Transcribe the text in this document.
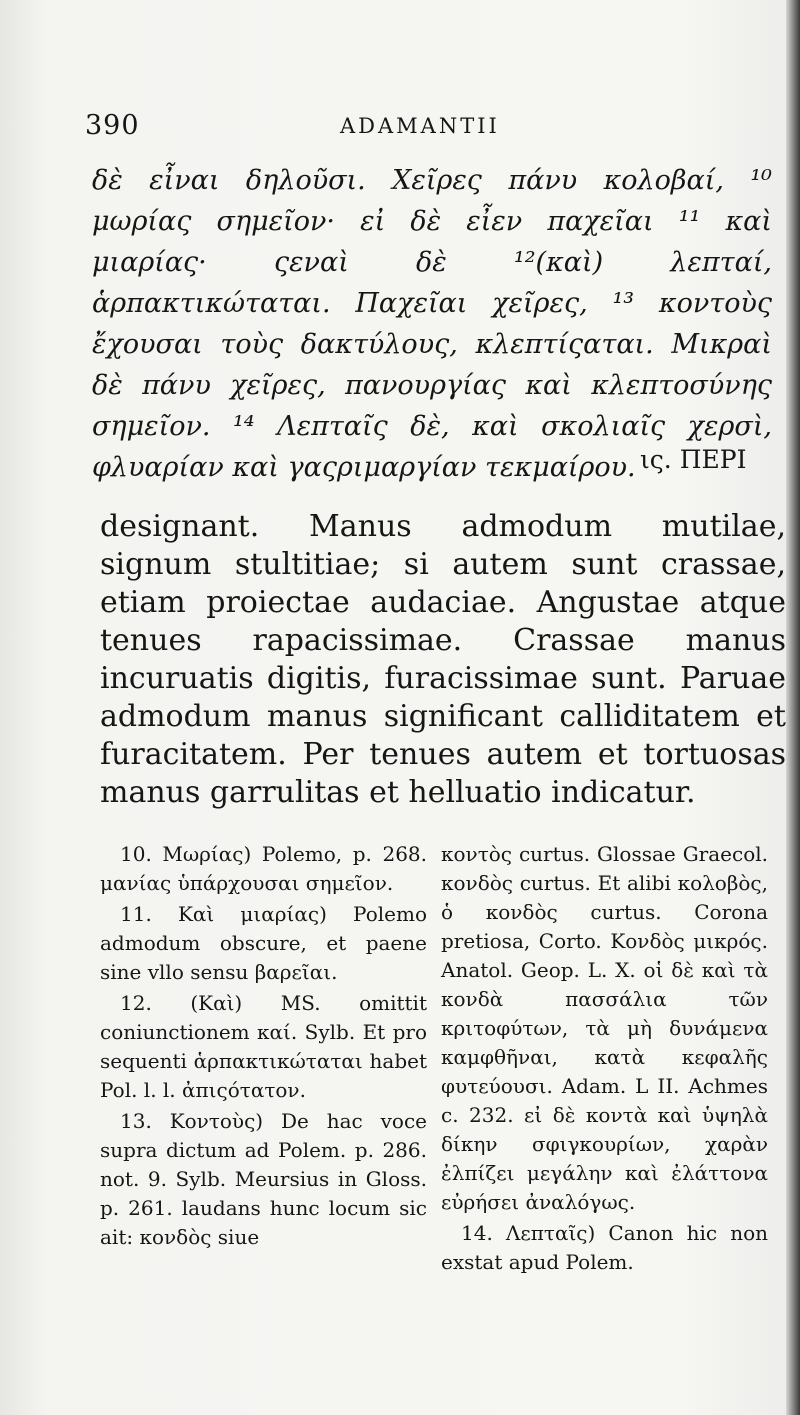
390	ADAMANTII

δὲ εἶναι δηλοῦσι. Χεῖρες πάνυ κολοβαί, ¹⁰ μωρίας σημεῖον· εἰ δὲ εἶεν παχεῖαι ¹¹ καὶ μιαρίας· ςεναὶ δὲ ¹²(καὶ) λεπταί, ἁρπακτικώταται. Παχεῖαι χεῖρες, ¹³ κοντοὺς ἔχουσαι τοὺς δακτύλους, κλεπτίςαται. Μικραὶ δὲ πάνυ χεῖρες, πανουργίας καὶ κλεπτοσύνης σημεῖον. ¹⁴ Λεπταῖς δὲ, καὶ σκολιαῖς χερσὶ, φλυαρίαν καὶ γαςριμαργίαν τεκμαίρου. ις. ΠΕΡΙ

designant. Manus admodum mutilae, signum stultitiae; si autem sunt crassae, etiam proiectae audaciae. Angustae atque tenues rapacissimae. Crassae manus incuruatis digitis, furacissimae sunt. Paruae admodum manus significant calliditatem et furacitatem. Per tenues autem et tortuosas manus garrulitas et helluatio indicatur.

10. Μωρίας) Polemo, p. 268. μανίας ὑπάρχουσαι σημεῖον.

11. Καὶ μιαρίας) Polemo admodum obscure, et paene sine vllo sensu βαρεῖαι.

12. (Καὶ) MS. omittit coniunctionem καί. Sylb. Et pro sequenti ἁρπακτικώταται habet Pol. l. l. ἀπιςότατον.

13. Κοντοὺς) De hac voce supra dictum ad Polem. p. 286. not. 9. Sylb. Meursius in Gloss. p. 261. laudans hunc locum sic ait: κονδὸς siue

κοντὸς curtus. Glossae Graecol. κονδὸς curtus. Et alibi κολοβὸς, ὁ κονδὸς curtus. Corona pretiosa, Corto. Κονδὸς μικρός. Anatol. Geop. L. X. οἱ δὲ καὶ τὰ κονδὰ πασσάλια τῶν κριτοφύτων, τὰ μὴ δυνάμενα καμφθῆναι, κατὰ κεφαλῆς φυτεύουσι. Adam. L II. Achmes c. 232. εἰ δὲ κοντὰ καὶ ὑψηλὰ δίκην σφιγκουρίων, χαρὰν ἐλπίζει μεγάλην καὶ ἐλάττονα εὐρήσει ἀναλόγως.

14. Λεπταῖς) Canon hic non exstat apud Polem.
